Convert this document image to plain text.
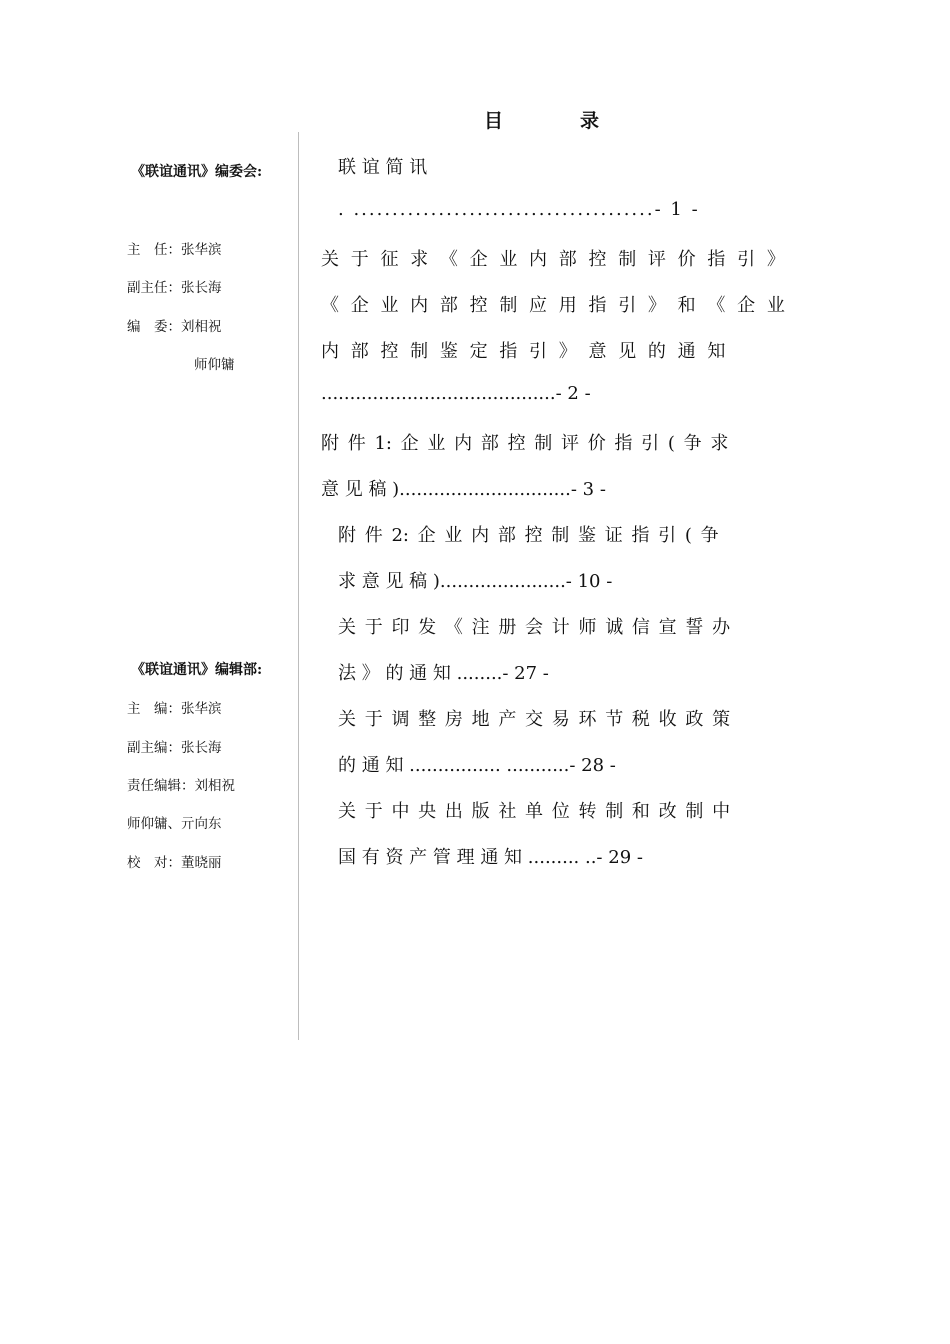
目	录
《联谊通讯》编委会:
主　任：张华滨
副主任：张长海
编　委：刘相祝
师仰镛
《联谊通讯》编辑部:
主　编：张华滨
副主编：张长海
责任编辑：刘相祝
师仰镛、亓向东
校　对：董晓丽
联 谊 简 讯
. .......................................- 1 -
关 于 征 求 《 企 业 内 部 控 制 评 价 指 引 》
《 企 业 内 部 控 制 应 用 指 引 》 和 《 企 业
内 部 控 制 鉴 定 指 引 》 意 见 的 通 知
.........................................- 2 -
附 件 1: 企 业 内 部 控 制 评 价 指 引 ( 争 求
意 见 稿 )..............................- 3 -
附 件 2: 企 业 内 部 控 制 鉴 证 指 引 ( 争
求 意 见 稿 )......................- 10 -
关 于 印 发 《 注 册 会 计 师 诚 信 宣 誓 办
法 》 的 通 知 ........- 27 -
关 于 调 整 房 地 产 交 易 环 节 税 收 政 策
的 通 知 ................ ...........- 28 -
关 于 中 央 出 版 社 单 位 转 制 和 改 制 中
国 有 资 产 管 理 通 知 ......... ..- 29 -
